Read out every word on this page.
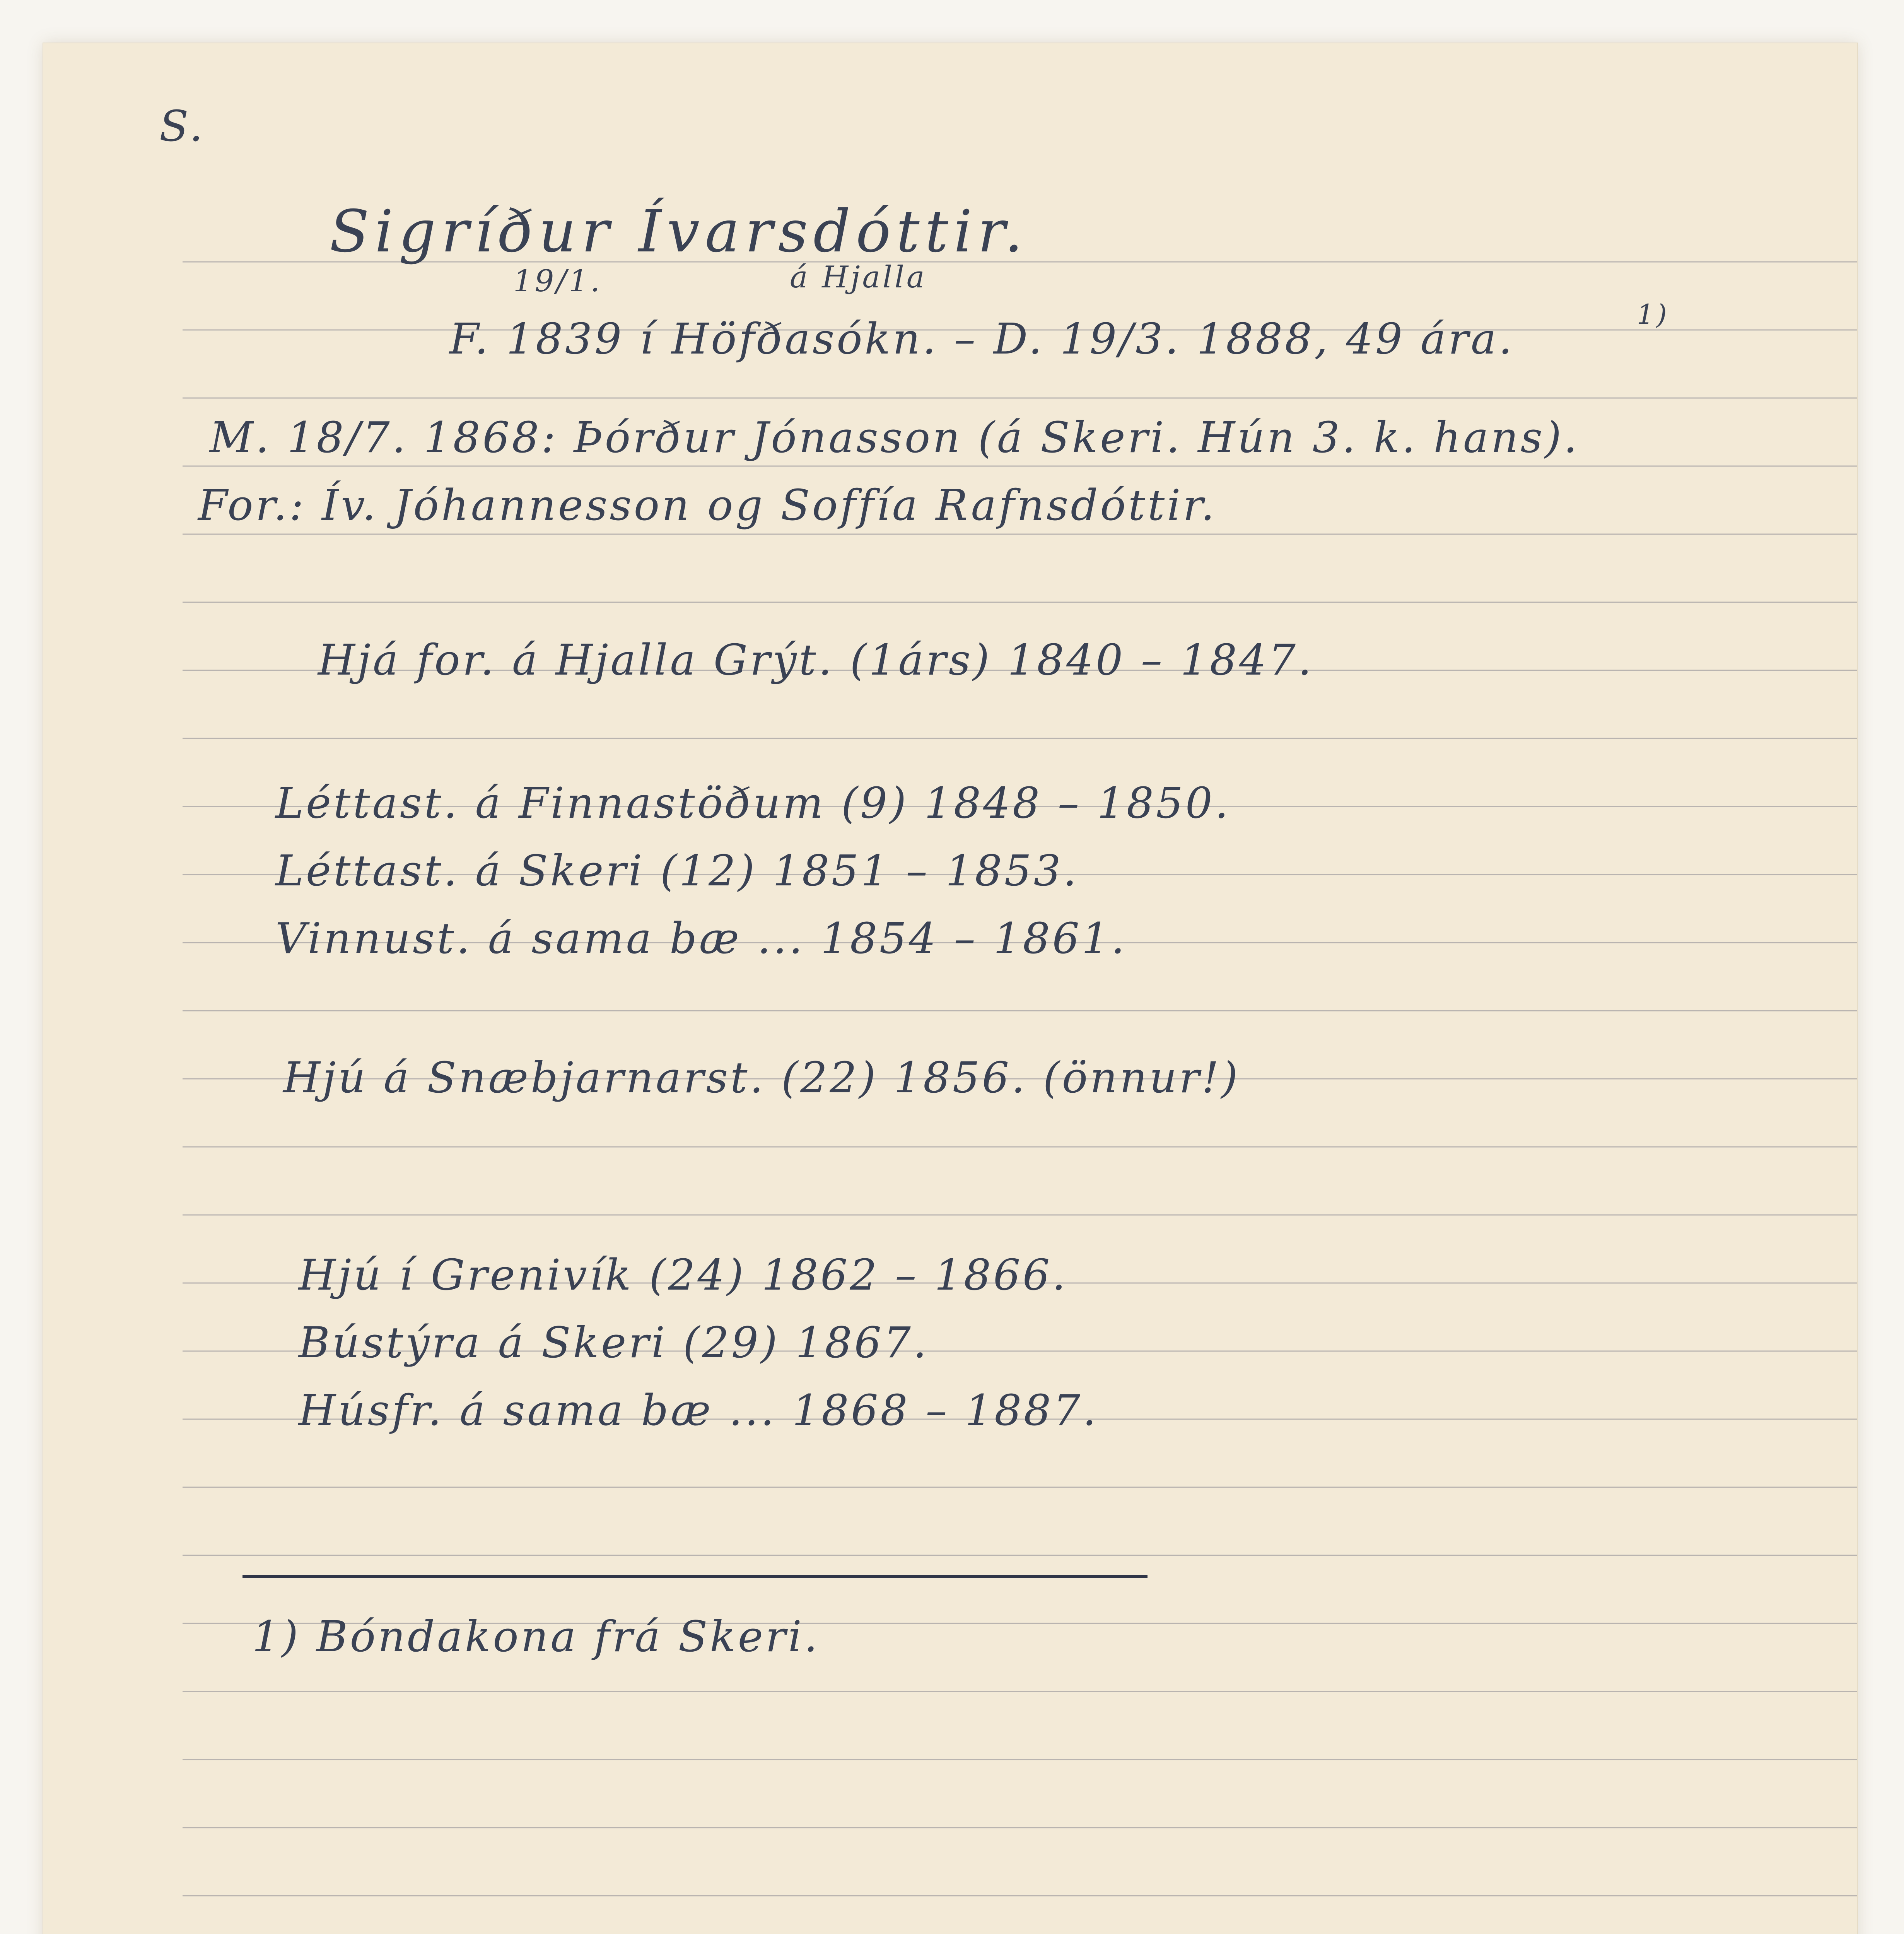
S.
Sigríður Ívarsdóttir.
19/1.	á Hjalla
F. 1839 í Höfðasókn. – D. 19/3. 1888, 49 ára.	1)
M. 18/7. 1868: Þórður Jónasson (á Skeri. Hún 3. k. hans).
For.: Ív. Jóhannesson og Soffía Rafnsdóttir.
Hjá for. á Hjalla Grýt. (1árs) 1840 – 1847.
Léttast. á Finnastöðum (9) 1848 – 1850.
Léttast. á Skeri (12) 1851 – 1853.
Vinnust. á sama bæ ... 1854 – 1861.
Hjú á Snæbjarnarst. (22) 1856. (önnur!)
Hjú í Grenivík (24) 1862 – 1866.
Bústýra á Skeri (29) 1867.
Húsfr. á sama bæ ... 1868 – 1887.
1) Bóndakona frá Skeri.
